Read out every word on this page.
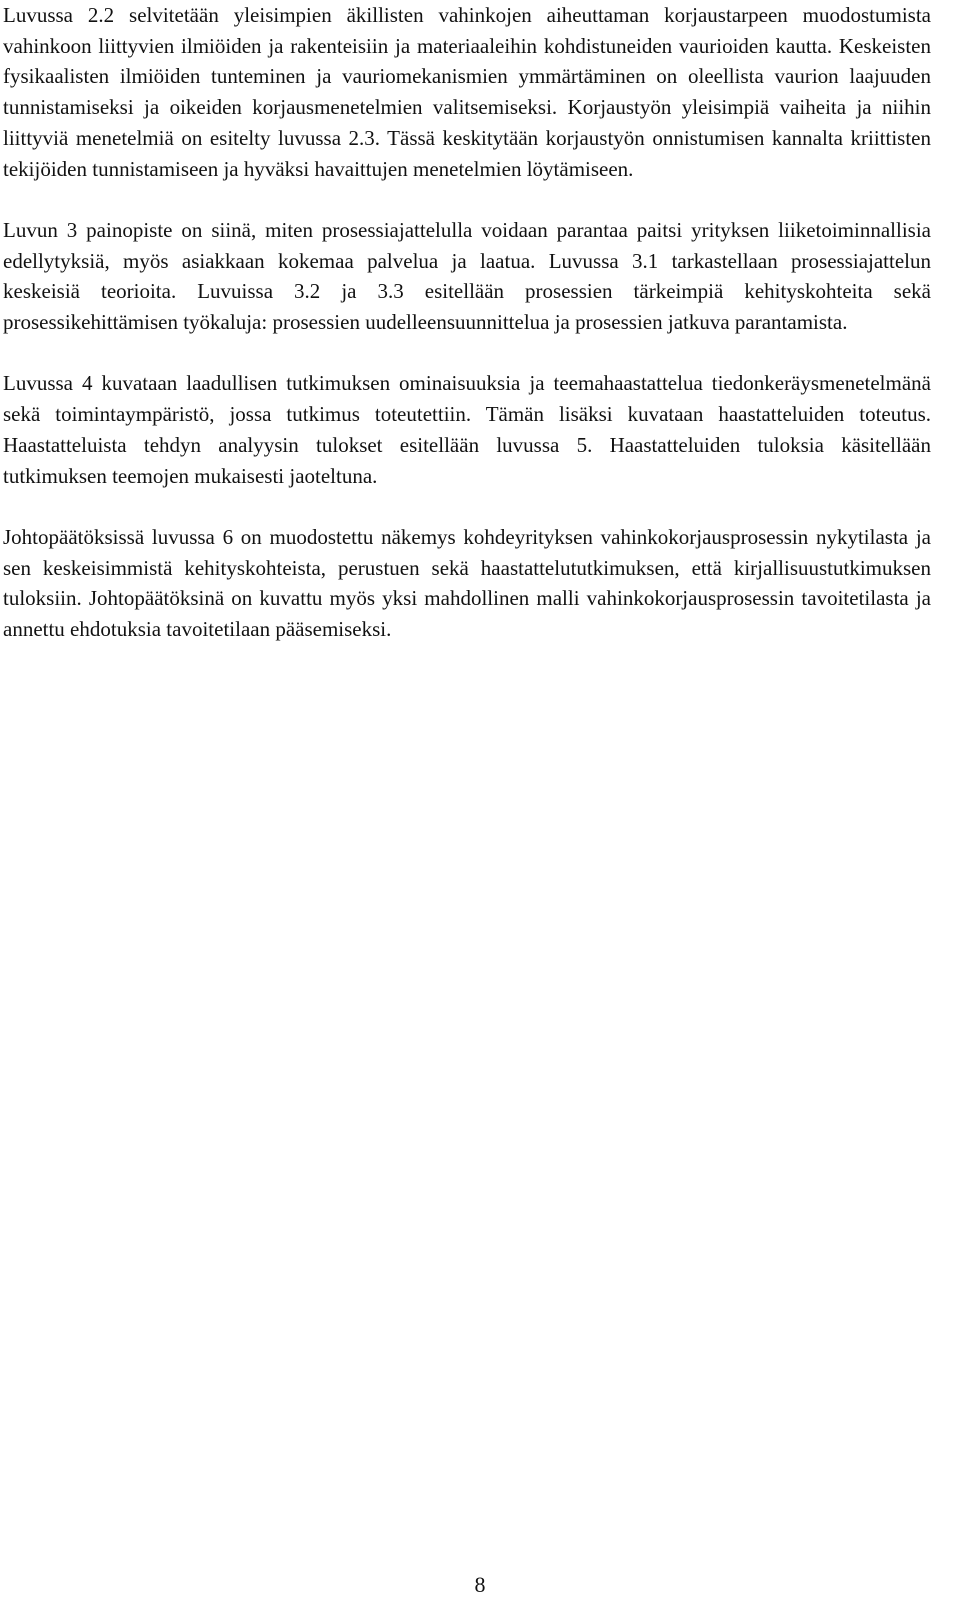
Luvussa 2.2 selvitetään yleisimpien äkillisten vahinkojen aiheuttaman korjaustarpeen muodostumista vahinkoon liittyvien ilmiöiden ja rakenteisiin ja materiaaleihin kohdistuneiden vaurioiden kautta. Keskeisten fysikaalisten ilmiöiden tunteminen ja vauriomekanismien ymmärtäminen on oleellista vaurion laajuuden tunnistamiseksi ja oikeiden korjausmenetelmien valitsemiseksi. Korjaustyön yleisimpiä vaiheita ja niihin liittyviä menetelmiä on esitelty luvussa 2.3. Tässä keskitytään korjaustyön onnistumisen kannalta kriittisten tekijöiden tunnistamiseen ja hyväksi havaittujen menetelmien löytämiseen.

Luvun 3 painopiste on siinä, miten prosessiajattelulla voidaan parantaa paitsi yrityksen liiketoiminnallisia edellytyksiä, myös asiakkaan kokemaa palvelua ja laatua. Luvussa 3.1 tarkastellaan prosessiajattelun keskeisiä teorioita. Luvuissa 3.2 ja 3.3 esitellään prosessien tärkeimpiä kehityskohteita sekä prosessikehittämisen työkaluja: prosessien uudelleensuunnittelua ja prosessien jatkuva parantamista.

Luvussa 4 kuvataan laadullisen tutkimuksen ominaisuuksia ja teemahaastattelua tiedonkeräysmenetelmänä sekä toimintaympäristö, jossa tutkimus toteutettiin. Tämän lisäksi kuvataan haastatteluiden toteutus. Haastatteluista tehdyn analyysin tulokset esitellään luvussa 5. Haastatteluiden tuloksia käsitellään tutkimuksen teemojen mukaisesti jaoteltuna.

Johtopäätöksissä luvussa 6 on muodostettu näkemys kohdeyrityksen vahinkokorjausprosessin nykytilasta ja sen keskeisimmistä kehityskohteista, perustuen sekä haastattelututkimuksen, että kirjallisuustutkimuksen tuloksiin. Johtopäätöksinä on kuvattu myös yksi mahdollinen malli vahinkokorjausprosessin tavoitetilasta ja annettu ehdotuksia tavoitetilaan pääsemiseksi.

8
